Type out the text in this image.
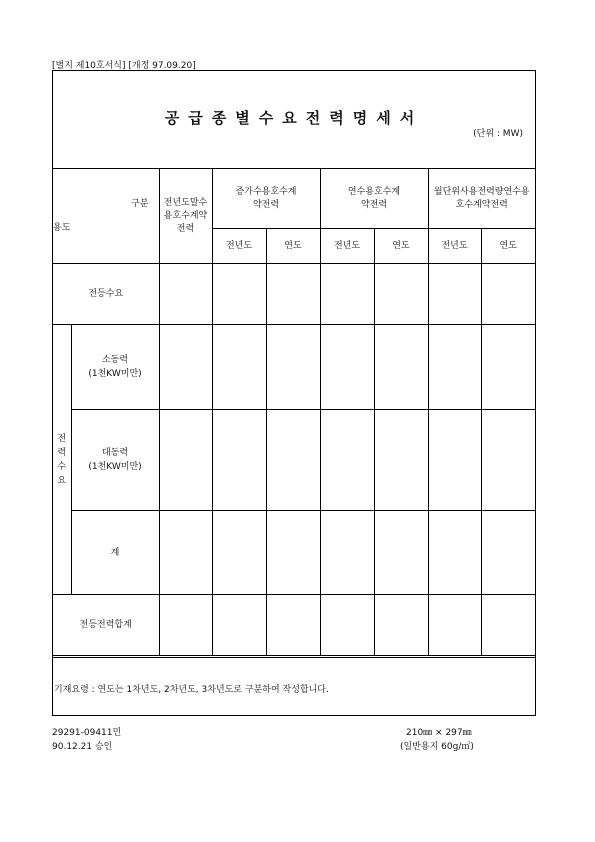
[별지 제10호서식] [개정 97.09.20]
공급종별수요전력명세서
(단위 : MW)
구분
용도		전년도말수용호수계약전력	증가수용호수계약전력		연수용호수계약전력		월단위사용전력량연수용호수계약전력	

			전년도	연도	전년도	연도	전년도	연도
전등수요								

전력수요	소동력
(1천KW미만)							

	대동력
(1천KW미만)							

	계							
전등전력합계								
기재요령 : 연도는 1차년도, 2차년도, 3차년도로 구분하여 작성합니다.
29291-09411민
90.12.21 승인
210㎜ × 297㎜
(일반용지 60g/㎡)
